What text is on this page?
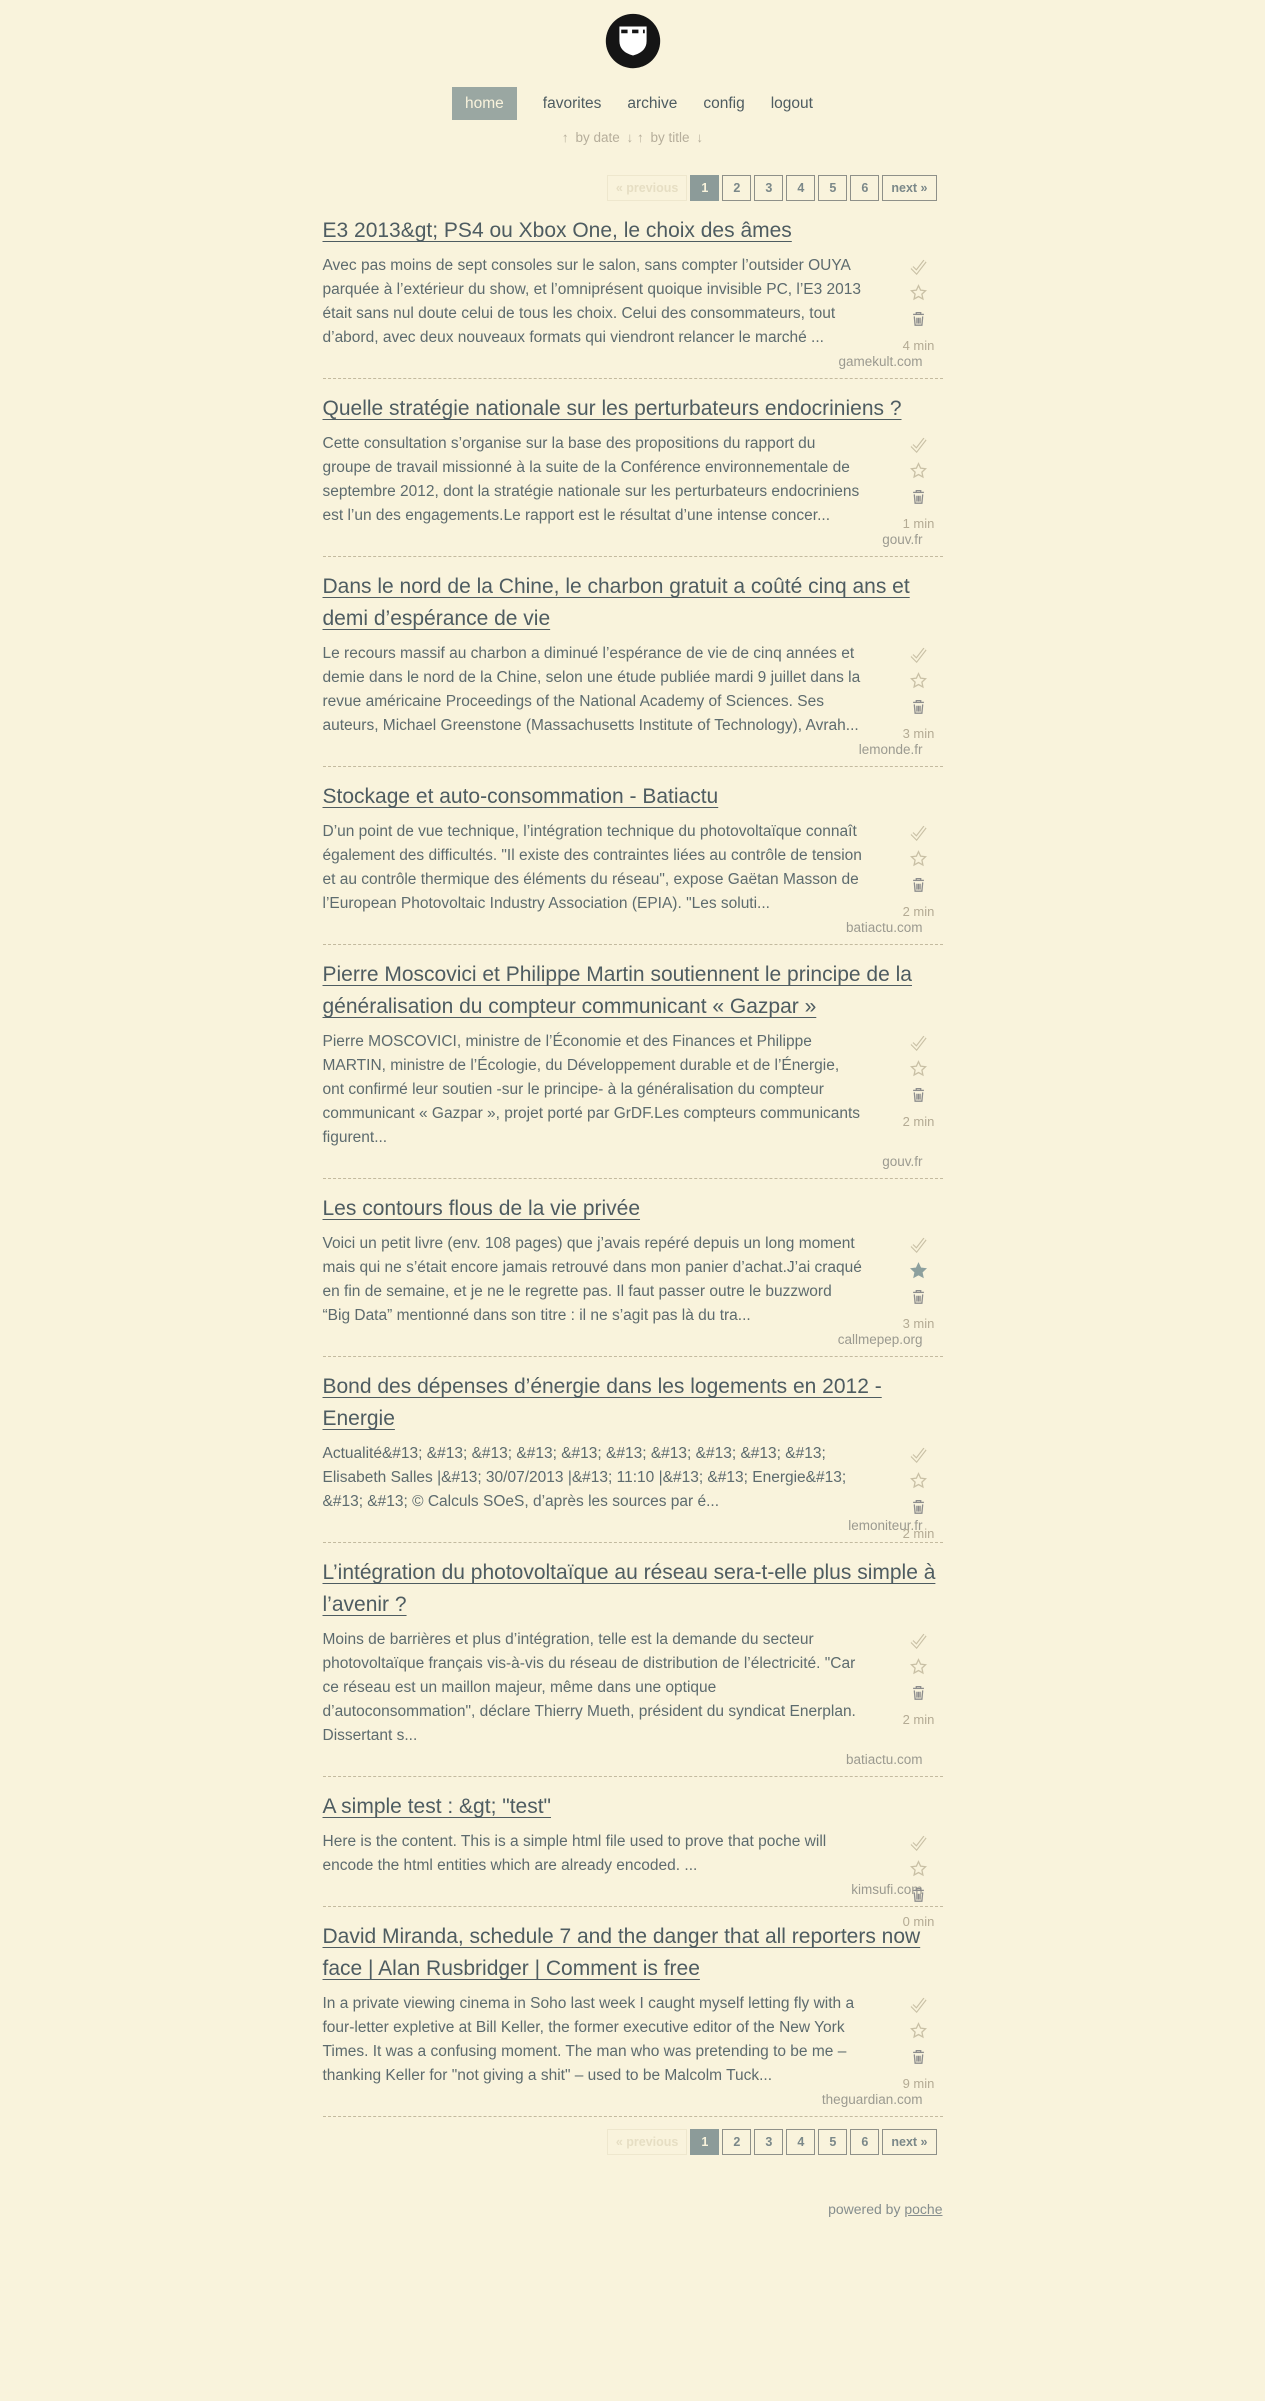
home	favorites archive config logout
↑ by date ↓ ↑ by title ↓
« previous 1 2 3 4 5 6 next »
E3 2013&gt; PS4 ou Xbox One, le choix des âmes

Avec pas moins de sept consoles sur le salon, sans compter l’outsider OUYA parquée à l’extérieur du show, et l’omniprésent quoique invisible PC, l’E3 2013 était sans nul doute celui de tous les choix. Celui des consommateurs, tout d’abord, avec deux nouveaux formats qui viendront relancer le marché ...	4 min
gamekult.com
Quelle stratégie nationale sur les perturbateurs endocriniens ?

Cette consultation s’organise sur la base des propositions du rapport du groupe de travail missionné à la suite de la Conférence environnementale de septembre 2012, dont la stratégie nationale sur les perturbateurs endocriniens est l’un des engagements.Le rapport est le résultat d’une intense concer...	1 min
gouv.fr
Dans le nord de la Chine, le charbon gratuit a coûté cinq ans et demi d’espérance de vie

Le recours massif au charbon a diminué l’espérance de vie de cinq années et demie dans le nord de la Chine, selon une étude publiée mardi 9 juillet dans la revue américaine Proceedings of the National Academy of Sciences. Ses auteurs, Michael Greenstone (Massachusetts Institute of Technology), Avrah...	3 min
lemonde.fr
Stockage et auto-consommation - Batiactu

D’un point de vue technique, l’intégration technique du photovoltaïque connaît également des difficultés. "Il existe des contraintes liées au contrôle de tension et au contrôle thermique des éléments du réseau", expose Gaëtan Masson de l’European Photovoltaic Industry Association (EPIA). "Les soluti...	2 min
batiactu.com
Pierre Moscovici et Philippe Martin soutiennent le principe de la généralisation du compteur communicant « Gazpar »

Pierre MOSCOVICI, ministre de l’Économie et des Finances et Philippe MARTIN, ministre de l’Écologie, du Développement durable et de l’Énergie, ont confirmé leur soutien -sur le principe- à la généralisation du compteur communicant « Gazpar », projet porté par GrDF.Les compteurs communicants figurent...

2 min
gouv.fr
Les contours flous de la vie privée

Voici un petit livre (env. 108 pages) que j’avais repéré depuis un long moment mais qui ne s’était encore jamais retrouvé dans mon panier d’achat.J’ai craqué en fin de semaine, et je ne le regrette pas. Il faut passer outre le buzzword “Big Data” mentionné dans son titre : il ne s’agit pas là du tra...	3 min
callmepep.org
Bond des dépenses d’énergie dans les logements en 2012 - Energie

Actualité&#13; &#13; &#13; &#13; &#13; &#13; &#13; &#13; &#13; &#13; Elisabeth Salles |&#13; 30/07/2013 |&#13; 11:10 |&#13; &#13; Energie&#13; &#13; &#13; © Calculs SOeS, d’après les sources par é...

2 min
lemoniteur.fr
L’intégration du photovoltaïque au réseau sera-t-elle plus simple à l’avenir ?

Moins de barrières et plus d’intégration, telle est la demande du secteur photovoltaïque français vis-à-vis du réseau de distribution de l’électricité. "Car ce réseau est un maillon majeur, même dans une optique d’autoconsommation", déclare Thierry Mueth, président du syndicat Enerplan. Dissertant s...

2 min
batiactu.com
A simple test : &gt; "test"

Here is the content. This is a simple html file used to prove that poche will encode the html entities which are already encoded. ...

0 min
kimsufi.com
David Miranda, schedule 7 and the danger that all reporters now face | Alan Rusbridger | Comment is free

In a private viewing cinema in Soho last week I caught myself letting fly with a four-letter expletive at Bill Keller, the former executive editor of the New York Times. It was a confusing moment. The man who was pretending to be me – thanking Keller for "not giving a shit" – used to be Malcolm Tuck...	9 min
theguardian.com
« previous 1 2 3 4 5 6 next »
powered by poche
